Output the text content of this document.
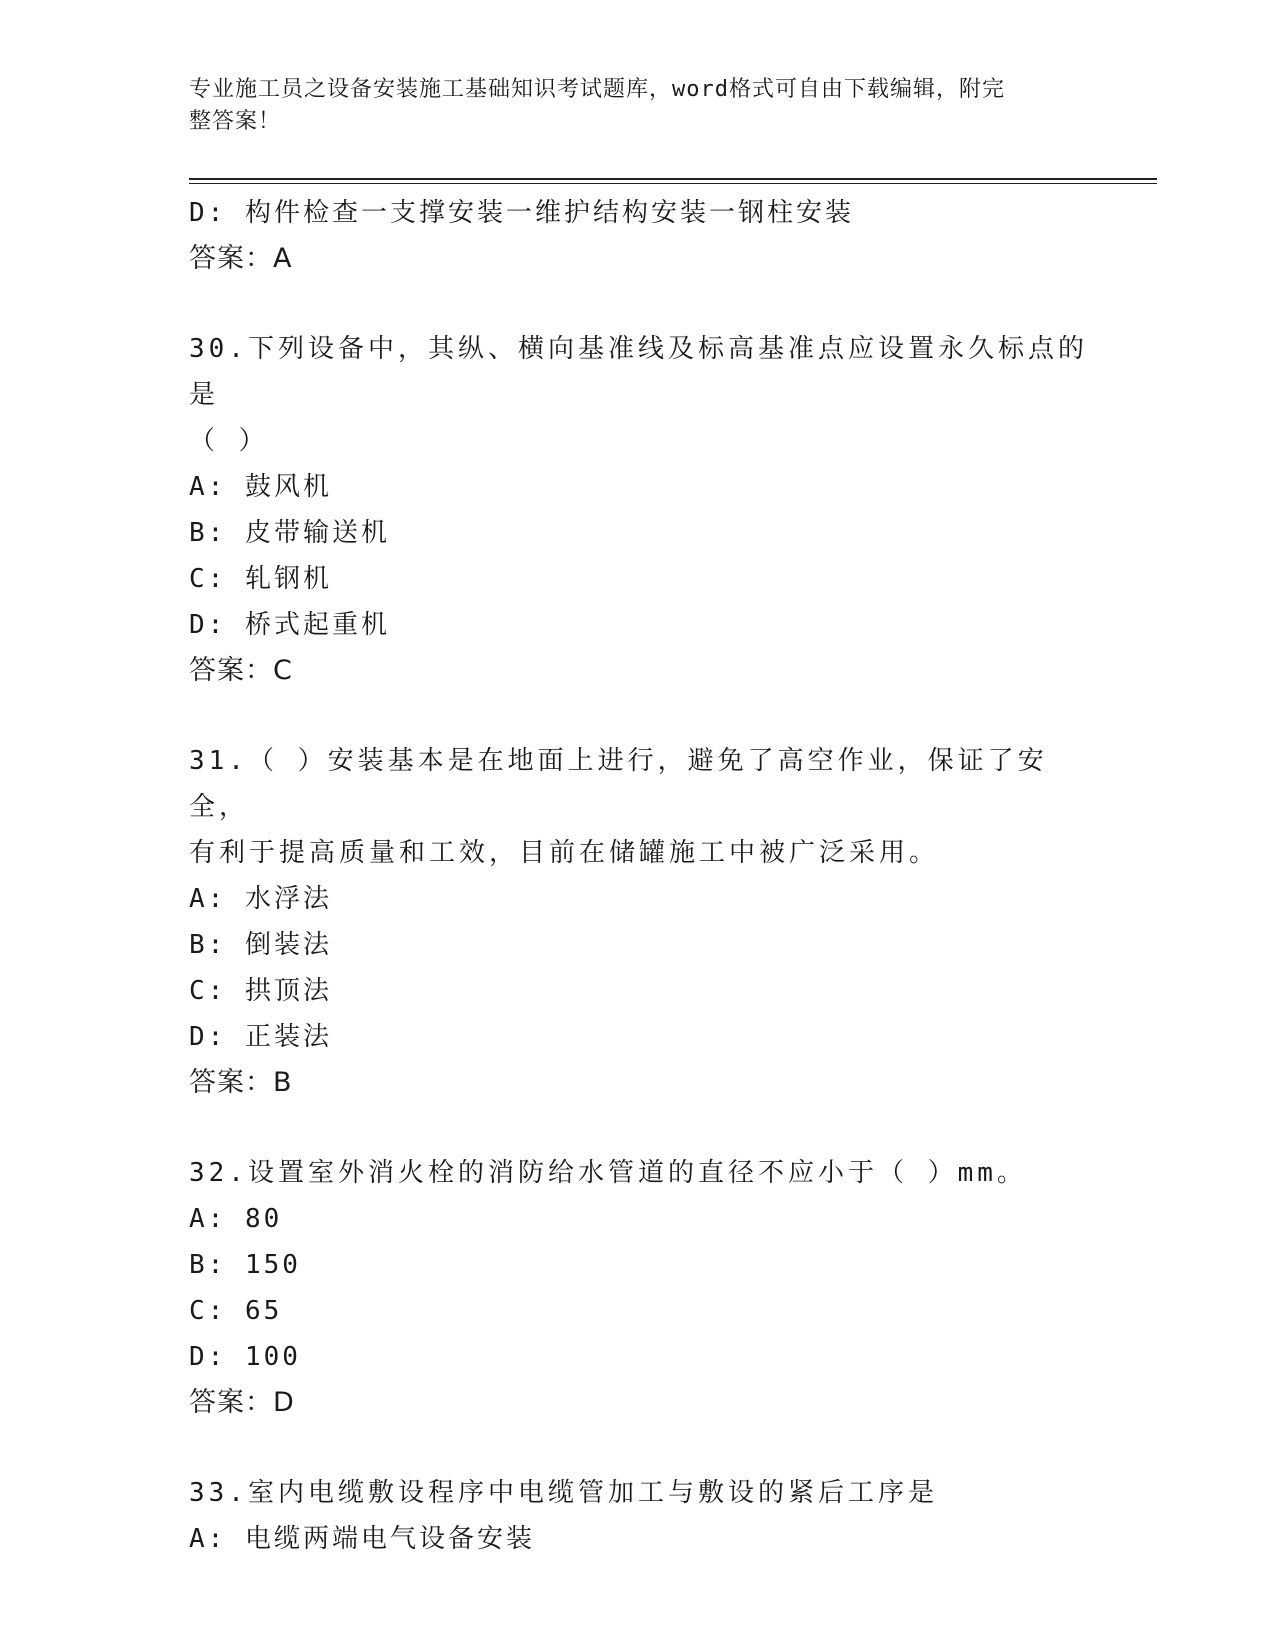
专业施工员之设备安装施工基础知识考试题库，word格式可自由下载编辑，附完
整答案！
D: 构件检查一支撑安装一维护结构安装一钢柱安装
答案：A
30.下列设备中，其纵、横向基准线及标高基准点应设置永久标点的是
（ ）
A: 鼓风机
B: 皮带输送机
C: 轧钢机
D: 桥式起重机
答案：C
31.（ ）安装基本是在地面上进行，避免了高空作业，保证了安全，
有利于提高质量和工效，目前在储罐施工中被广泛采用。
A: 水浮法
B: 倒装法
C: 拱顶法
D: 正装法
答案：B
32.设置室外消火栓的消防给水管道的直径不应小于（ ）mm。
A: 80
B: 150
C: 65
D: 100
答案：D
33.室内电缆敷设程序中电缆管加工与敷设的紧后工序是
A: 电缆两端电气设备安装
